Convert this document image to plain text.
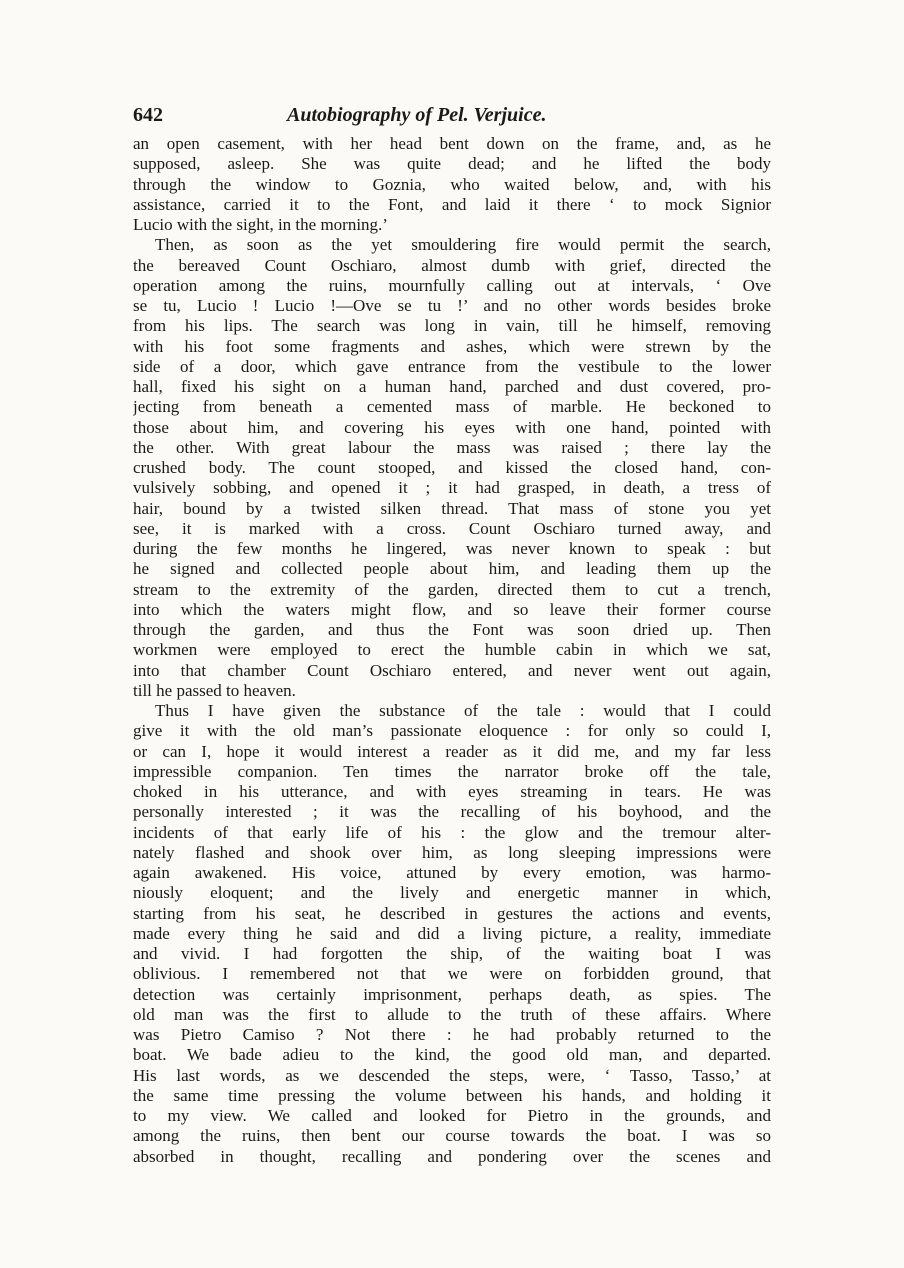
642	Autobiography of Pel. Verjuice.
an open casement, with her head bent down on the frame, and, as he
supposed, asleep. She was quite dead; and he lifted the body
through the window to Goznia, who waited below, and, with his
assistance, carried it to the Font, and laid it there ‘ to mock Signior
Lucio with the sight, in the morning.’
Then, as soon as the yet smouldering fire would permit the search,
the bereaved Count Oschiaro, almost dumb with grief, directed the
operation among the ruins, mournfully calling out at intervals, ‘ Ove
se tu, Lucio ! Lucio !—Ove se tu !’ and no other words besides broke
from his lips. The search was long in vain, till he himself, removing
with his foot some fragments and ashes, which were strewn by the
side of a door, which gave entrance from the vestibule to the lower
hall, fixed his sight on a human hand, parched and dust covered, pro-
jecting from beneath a cemented mass of marble. He beckoned to
those about him, and covering his eyes with one hand, pointed with
the other. With great labour the mass was raised ; there lay the
crushed body. The count stooped, and kissed the closed hand, con-
vulsively sobbing, and opened it ; it had grasped, in death, a tress of
hair, bound by a twisted silken thread. That mass of stone you yet
see, it is marked with a cross. Count Oschiaro turned away, and
during the few months he lingered, was never known to speak : but
he signed and collected people about him, and leading them up the
stream to the extremity of the garden, directed them to cut a trench,
into which the waters might flow, and so leave their former course
through the garden, and thus the Font was soon dried up. Then
workmen were employed to erect the humble cabin in which we sat,
into that chamber Count Oschiaro entered, and never went out again,
till he passed to heaven.
Thus I have given the substance of the tale : would that I could
give it with the old man’s passionate eloquence : for only so could I,
or can I, hope it would interest a reader as it did me, and my far less
impressible companion. Ten times the narrator broke off the tale,
choked in his utterance, and with eyes streaming in tears. He was
personally interested ; it was the recalling of his boyhood, and the
incidents of that early life of his : the glow and the tremour alter-
nately flashed and shook over him, as long sleeping impressions were
again awakened. His voice, attuned by every emotion, was harmo-
niously eloquent; and the lively and energetic manner in which,
starting from his seat, he described in gestures the actions and events,
made every thing he said and did a living picture, a reality, immediate
and vivid. I had forgotten the ship, of the waiting boat I was
oblivious. I remembered not that we were on forbidden ground, that
detection was certainly imprisonment, perhaps death, as spies. The
old man was the first to allude to the truth of these affairs. Where
was Pietro Camiso ? Not there : he had probably returned to the
boat. We bade adieu to the kind, the good old man, and departed.
His last words, as we descended the steps, were, ‘ Tasso, Tasso,’ at
the same time pressing the volume between his hands, and holding it
to my view. We called and looked for Pietro in the grounds, and
among the ruins, then bent our course towards the boat. I was so
absorbed in thought, recalling and pondering over the scenes and
